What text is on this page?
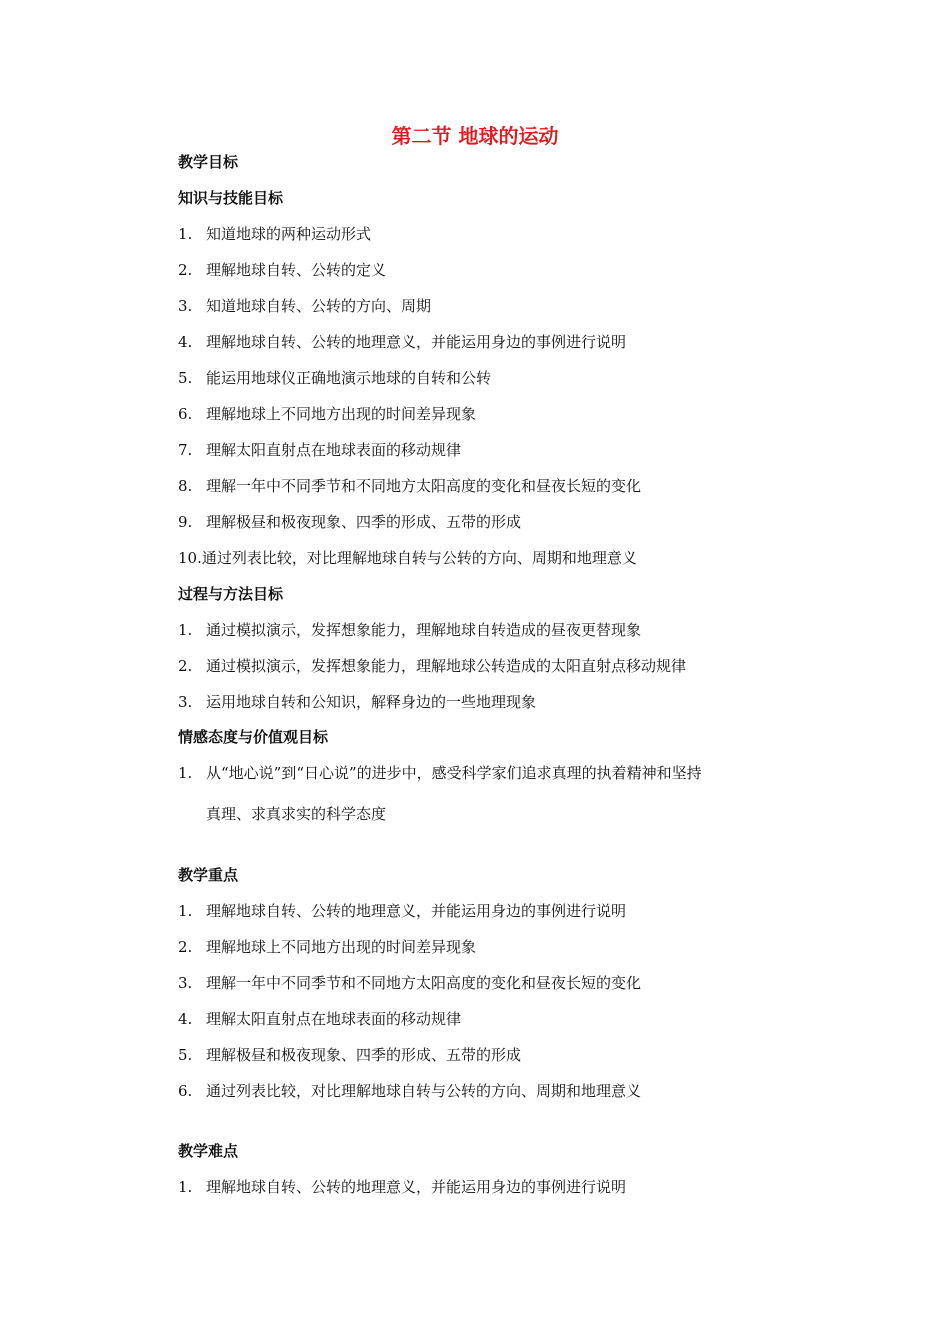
第二节 地球的运动
教学目标
知识与技能目标
1. 知道地球的两种运动形式
2. 理解地球自转、公转的定义
3. 知道地球自转、公转的方向、周期
4. 理解地球自转、公转的地理意义，并能运用身边的事例进行说明
5. 能运用地球仪正确地演示地球的自转和公转
6. 理解地球上不同地方出现的时间差异现象
7. 理解太阳直射点在地球表面的移动规律
8. 理解一年中不同季节和不同地方太阳高度的变化和昼夜长短的变化
9. 理解极昼和极夜现象、四季的形成、五带的形成
10.通过列表比较，对比理解地球自转与公转的方向、周期和地理意义
过程与方法目标
1. 通过模拟演示，发挥想象能力，理解地球自转造成的昼夜更替现象
2. 通过模拟演示，发挥想象能力，理解地球公转造成的太阳直射点移动规律
3. 运用地球自转和公知识，解释身边的一些地理现象
情感态度与价值观目标
1. 从“地心说”到“日心说”的进步中，感受科学家们追求真理的执着精神和坚持
真理、求真求实的科学态度
教学重点
1. 理解地球自转、公转的地理意义，并能运用身边的事例进行说明
2. 理解地球上不同地方出现的时间差异现象
3. 理解一年中不同季节和不同地方太阳高度的变化和昼夜长短的变化
4. 理解太阳直射点在地球表面的移动规律
5. 理解极昼和极夜现象、四季的形成、五带的形成
6. 通过列表比较，对比理解地球自转与公转的方向、周期和地理意义
教学难点
1. 理解地球自转、公转的地理意义，并能运用身边的事例进行说明
